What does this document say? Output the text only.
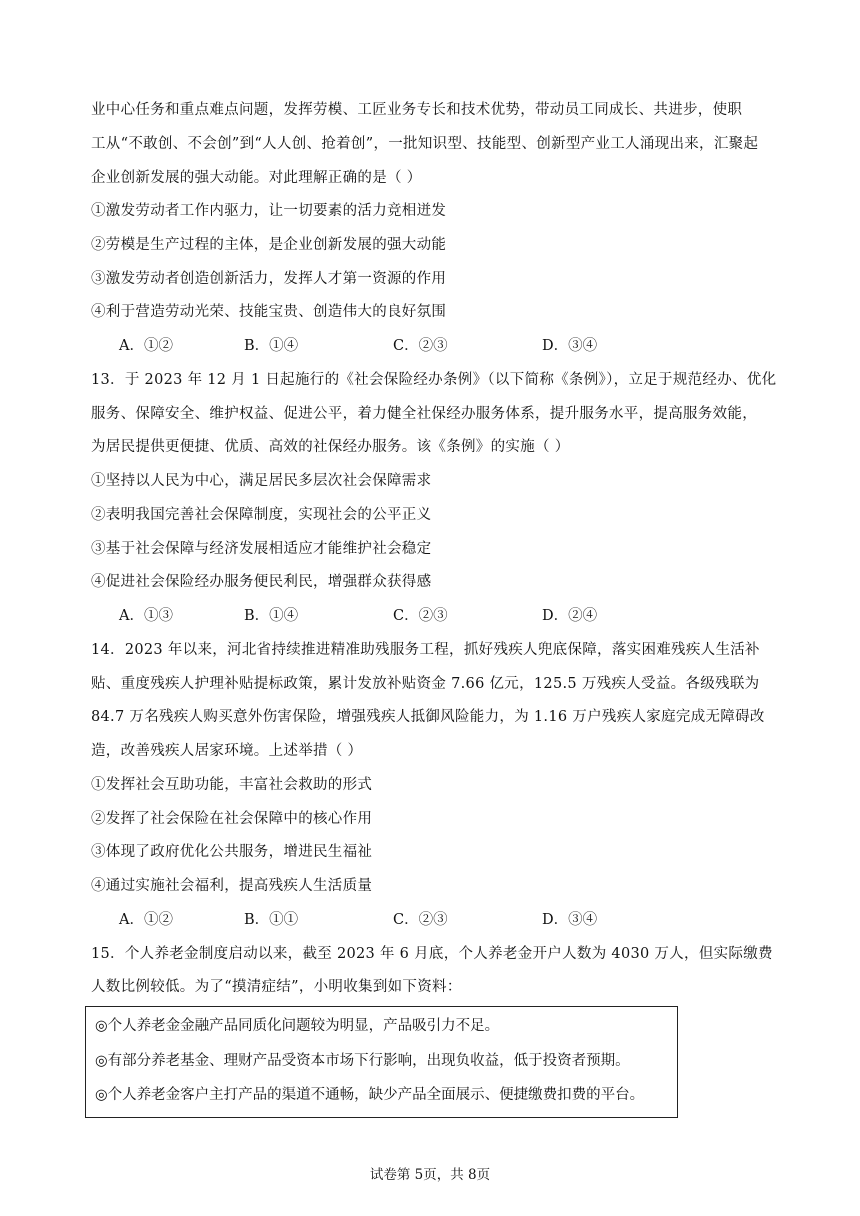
业中心任务和重点难点问题，发挥劳模、工匠业务专长和技术优势，带动员工同成长、共进步，使职
工从“不敢创、不会创”到“人人创、抢着创”，一批知识型、技能型、创新型产业工人涌现出来，汇聚起
企业创新发展的强大动能。对此理解正确的是（ ）
①激发劳动者工作内驱力，让一切要素的活力竞相迸发
②劳模是生产过程的主体，是企业创新发展的强大动能
③激发劳动者创造创新活力，发挥人才第一资源的作用
④利于营造劳动光荣、技能宝贵、创造伟大的良好氛围
A．①②	B．①④	C．②③	D．③④
13．于 2023 年 12 月 1 日起施行的《社会保险经办条例》（以下简称《条例》），立足于规范经办、优化
服务、保障安全、维护权益、促进公平，着力健全社保经办服务体系，提升服务水平，提高服务效能，
为居民提供更便捷、优质、高效的社保经办服务。该《条例》的实施（ ）
①坚持以人民为中心，满足居民多层次社会保障需求
②表明我国完善社会保障制度，实现社会的公平正义
③基于社会保障与经济发展相适应才能维护社会稳定
④促进社会保险经办服务便民利民，增强群众获得感
A．①③	B．①④	C．②③	D．②④
14．2023 年以来，河北省持续推进精准助残服务工程，抓好残疾人兜底保障，落实困难残疾人生活补
贴、重度残疾人护理补贴提标政策，累计发放补贴资金 7.66 亿元，125.5 万残疾人受益。各级残联为
84.7 万名残疾人购买意外伤害保险，增强残疾人抵御风险能力，为 1.16 万户残疾人家庭完成无障碍改
造，改善残疾人居家环境。上述举措（ ）
①发挥社会互助功能，丰富社会救助的形式
②发挥了社会保险在社会保障中的核心作用
③体现了政府优化公共服务，增进民生福祉
④通过实施社会福利，提高残疾人生活质量
A．①②	B．①①	C．②③	D．③④
15．个人养老金制度启动以来，截至 2023 年 6 月底，个人养老金开户人数为 4030 万人，但实际缴费
人数比例较低。为了“摸清症结”，小明收集到如下资料：
◎个人养老金金融产品同质化问题较为明显，产品吸引力不足。
◎有部分养老基金、理财产品受资本市场下行影响，出现负收益，低于投资者预期。
◎个人养老金客户主打产品的渠道不通畅，缺少产品全面展示、便捷缴费扣费的平台。
试卷第 5页，共 8页
